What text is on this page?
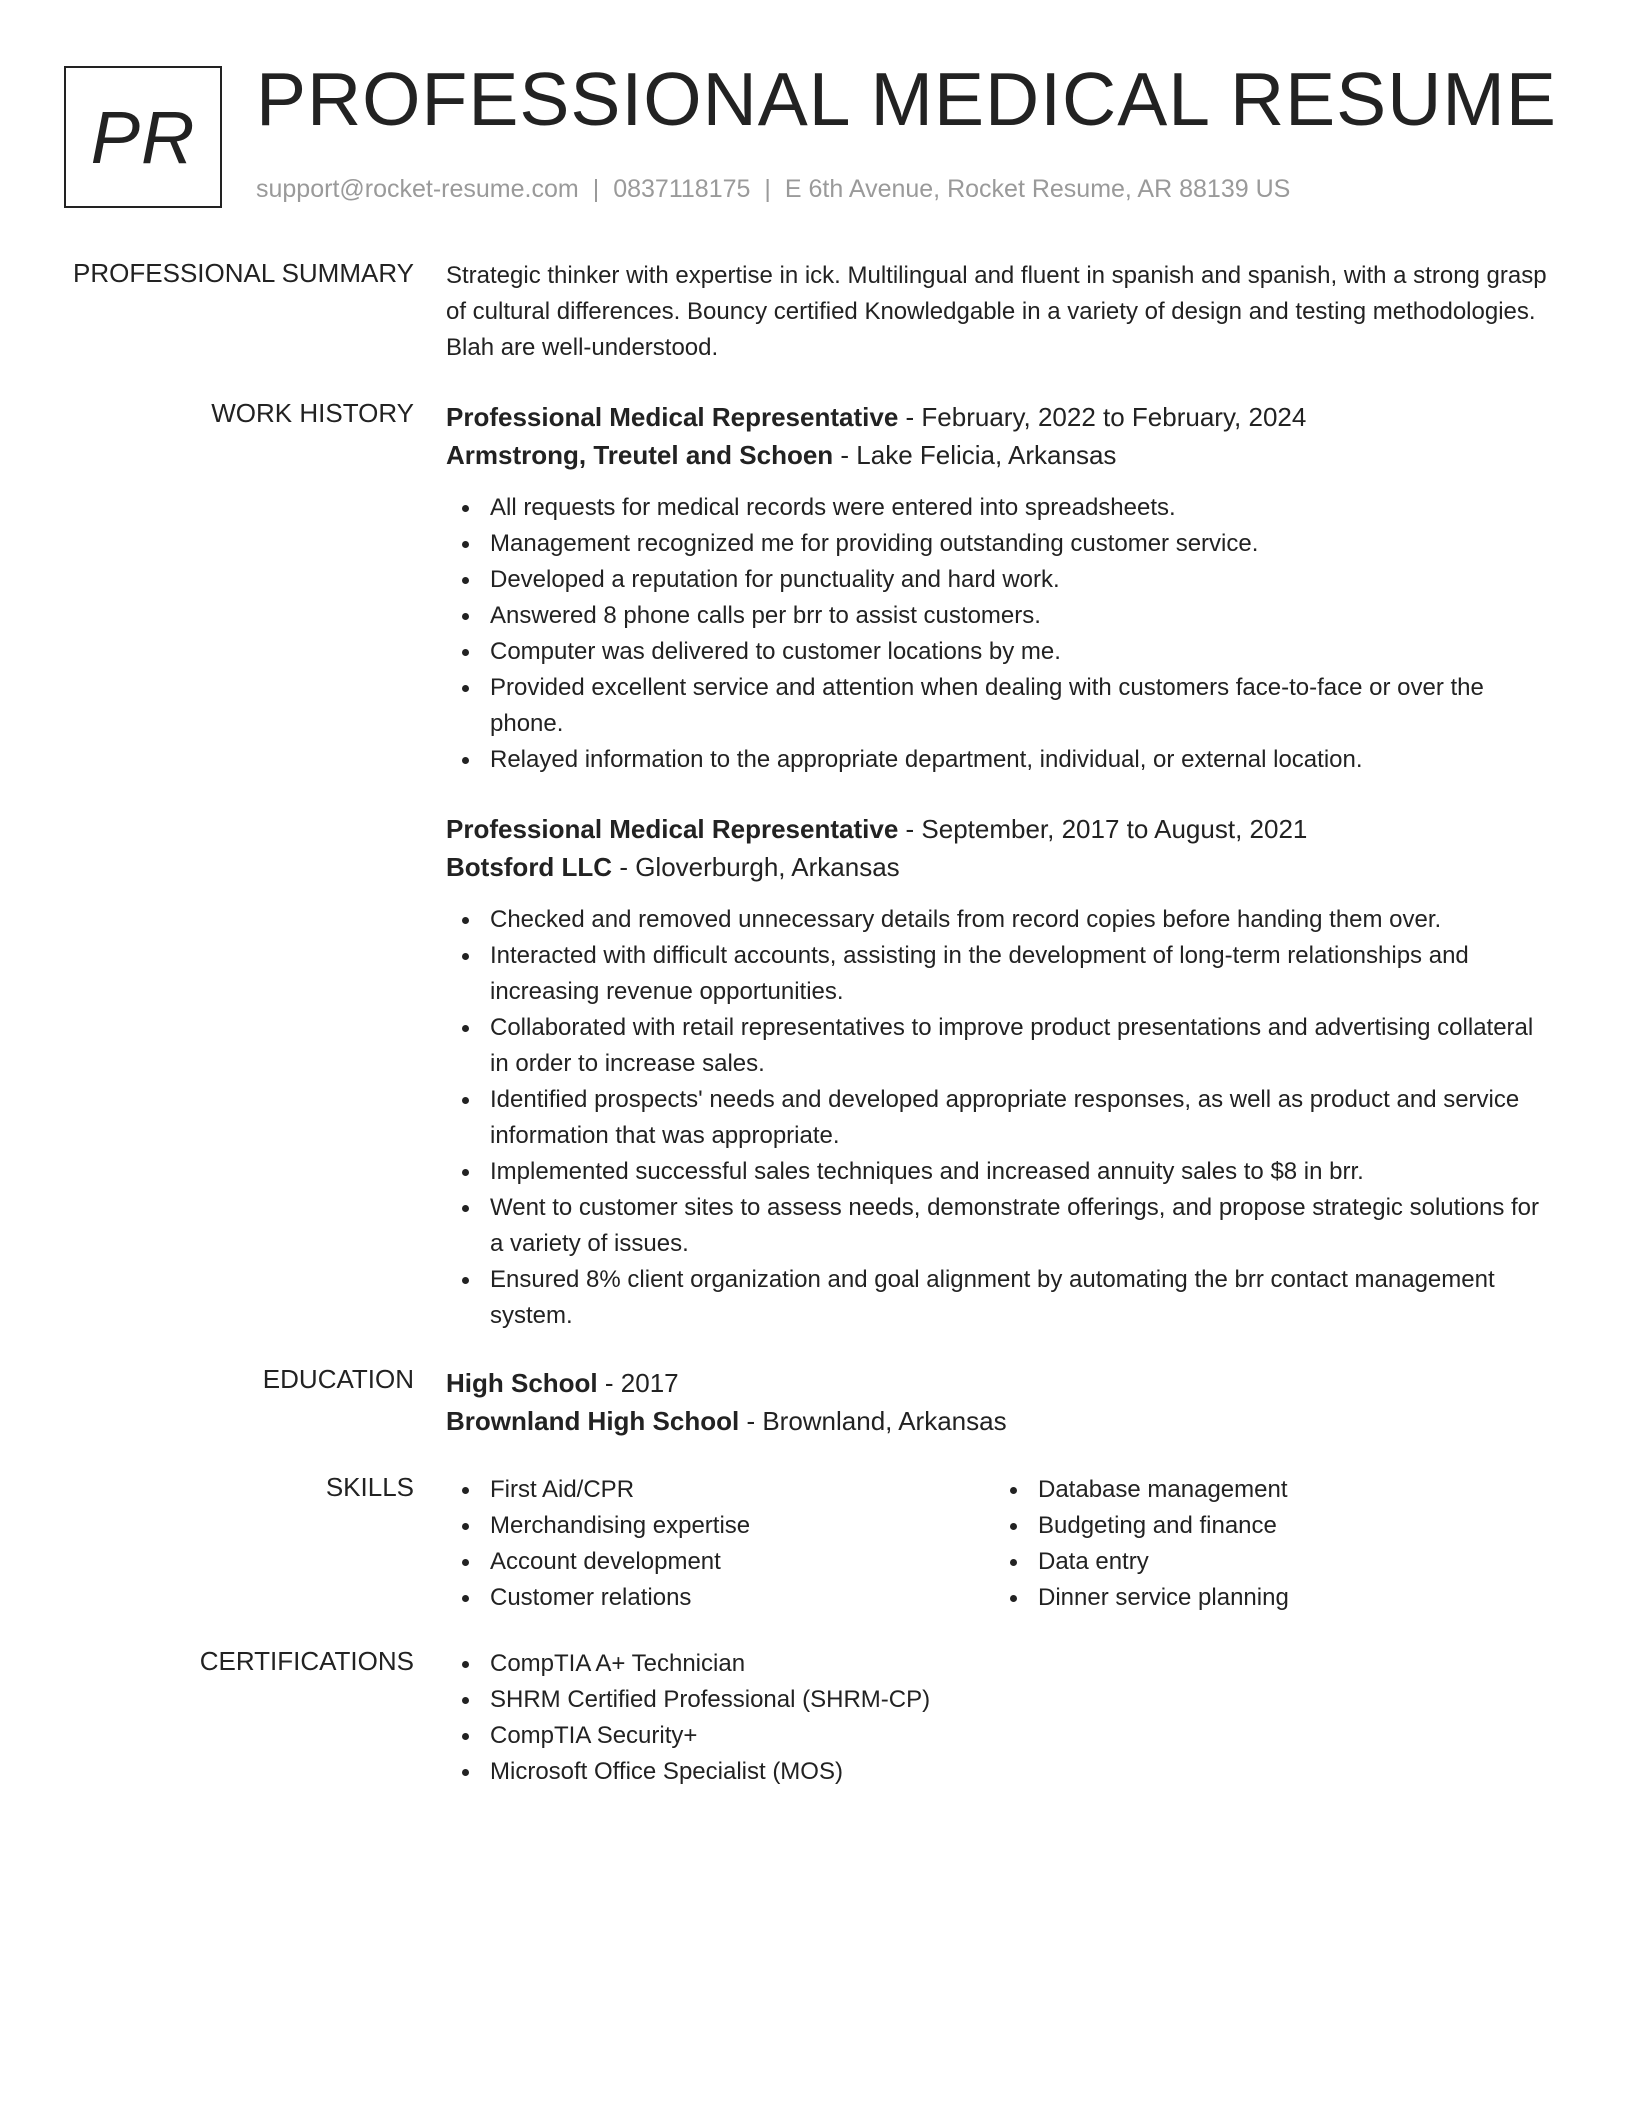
PR PROFESSIONAL MEDICAL RESUME
support@rocket-resume.com | 0837118175 | E 6th Avenue, Rocket Resume, AR 88139 US
PROFESSIONAL SUMMARY Strategic thinker with expertise in ick. Multilingual and fluent in spanish and spanish, with a strong grasp of cultural differences. Bouncy certified Knowledgable in a variety of design and testing methodologies. Blah are well-understood.

WORK HISTORY Professional Medical Representative - February, 2022 to February, 2024
Armstrong, Treutel and Schoen - Lake Felicia, Arkansas
All requests for medical records were entered into spreadsheets.
Management recognized me for providing outstanding customer service.
Developed a reputation for punctuality and hard work.
Answered 8 phone calls per brr to assist customers.
Computer was delivered to customer locations by me.
Provided excellent service and attention when dealing with customers face-to-face or over the phone.
Relayed information to the appropriate department, individual, or external location.
Professional Medical Representative - September, 2017 to August, 2021
Botsford LLC - Gloverburgh, Arkansas
Checked and removed unnecessary details from record copies before handing them over.
Interacted with difficult accounts, assisting in the development of long-term relationships and increasing revenue opportunities.
Collaborated with retail representatives to improve product presentations and advertising collateral in order to increase sales.
Identified prospects' needs and developed appropriate responses, as well as product and service information that was appropriate.
Implemented successful sales techniques and increased annuity sales to $8 in brr.
Went to customer sites to assess needs, demonstrate offerings, and propose strategic solutions for a variety of issues.
Ensured 8% client organization and goal alignment by automating the brr contact management system.
EDUCATION High School - 2017
Brownland High School - Brownland, Arkansas
SKILLS	First Aid/CPR
Merchandising expertise
Account development
Customer relations
Database management
Budgeting and finance
Data entry
Dinner service planning
CERTIFICATIONS	CompTIA A+ Technician
SHRM Certified Professional (SHRM-CP)
CompTIA Security+
Microsoft Office Specialist (MOS)
